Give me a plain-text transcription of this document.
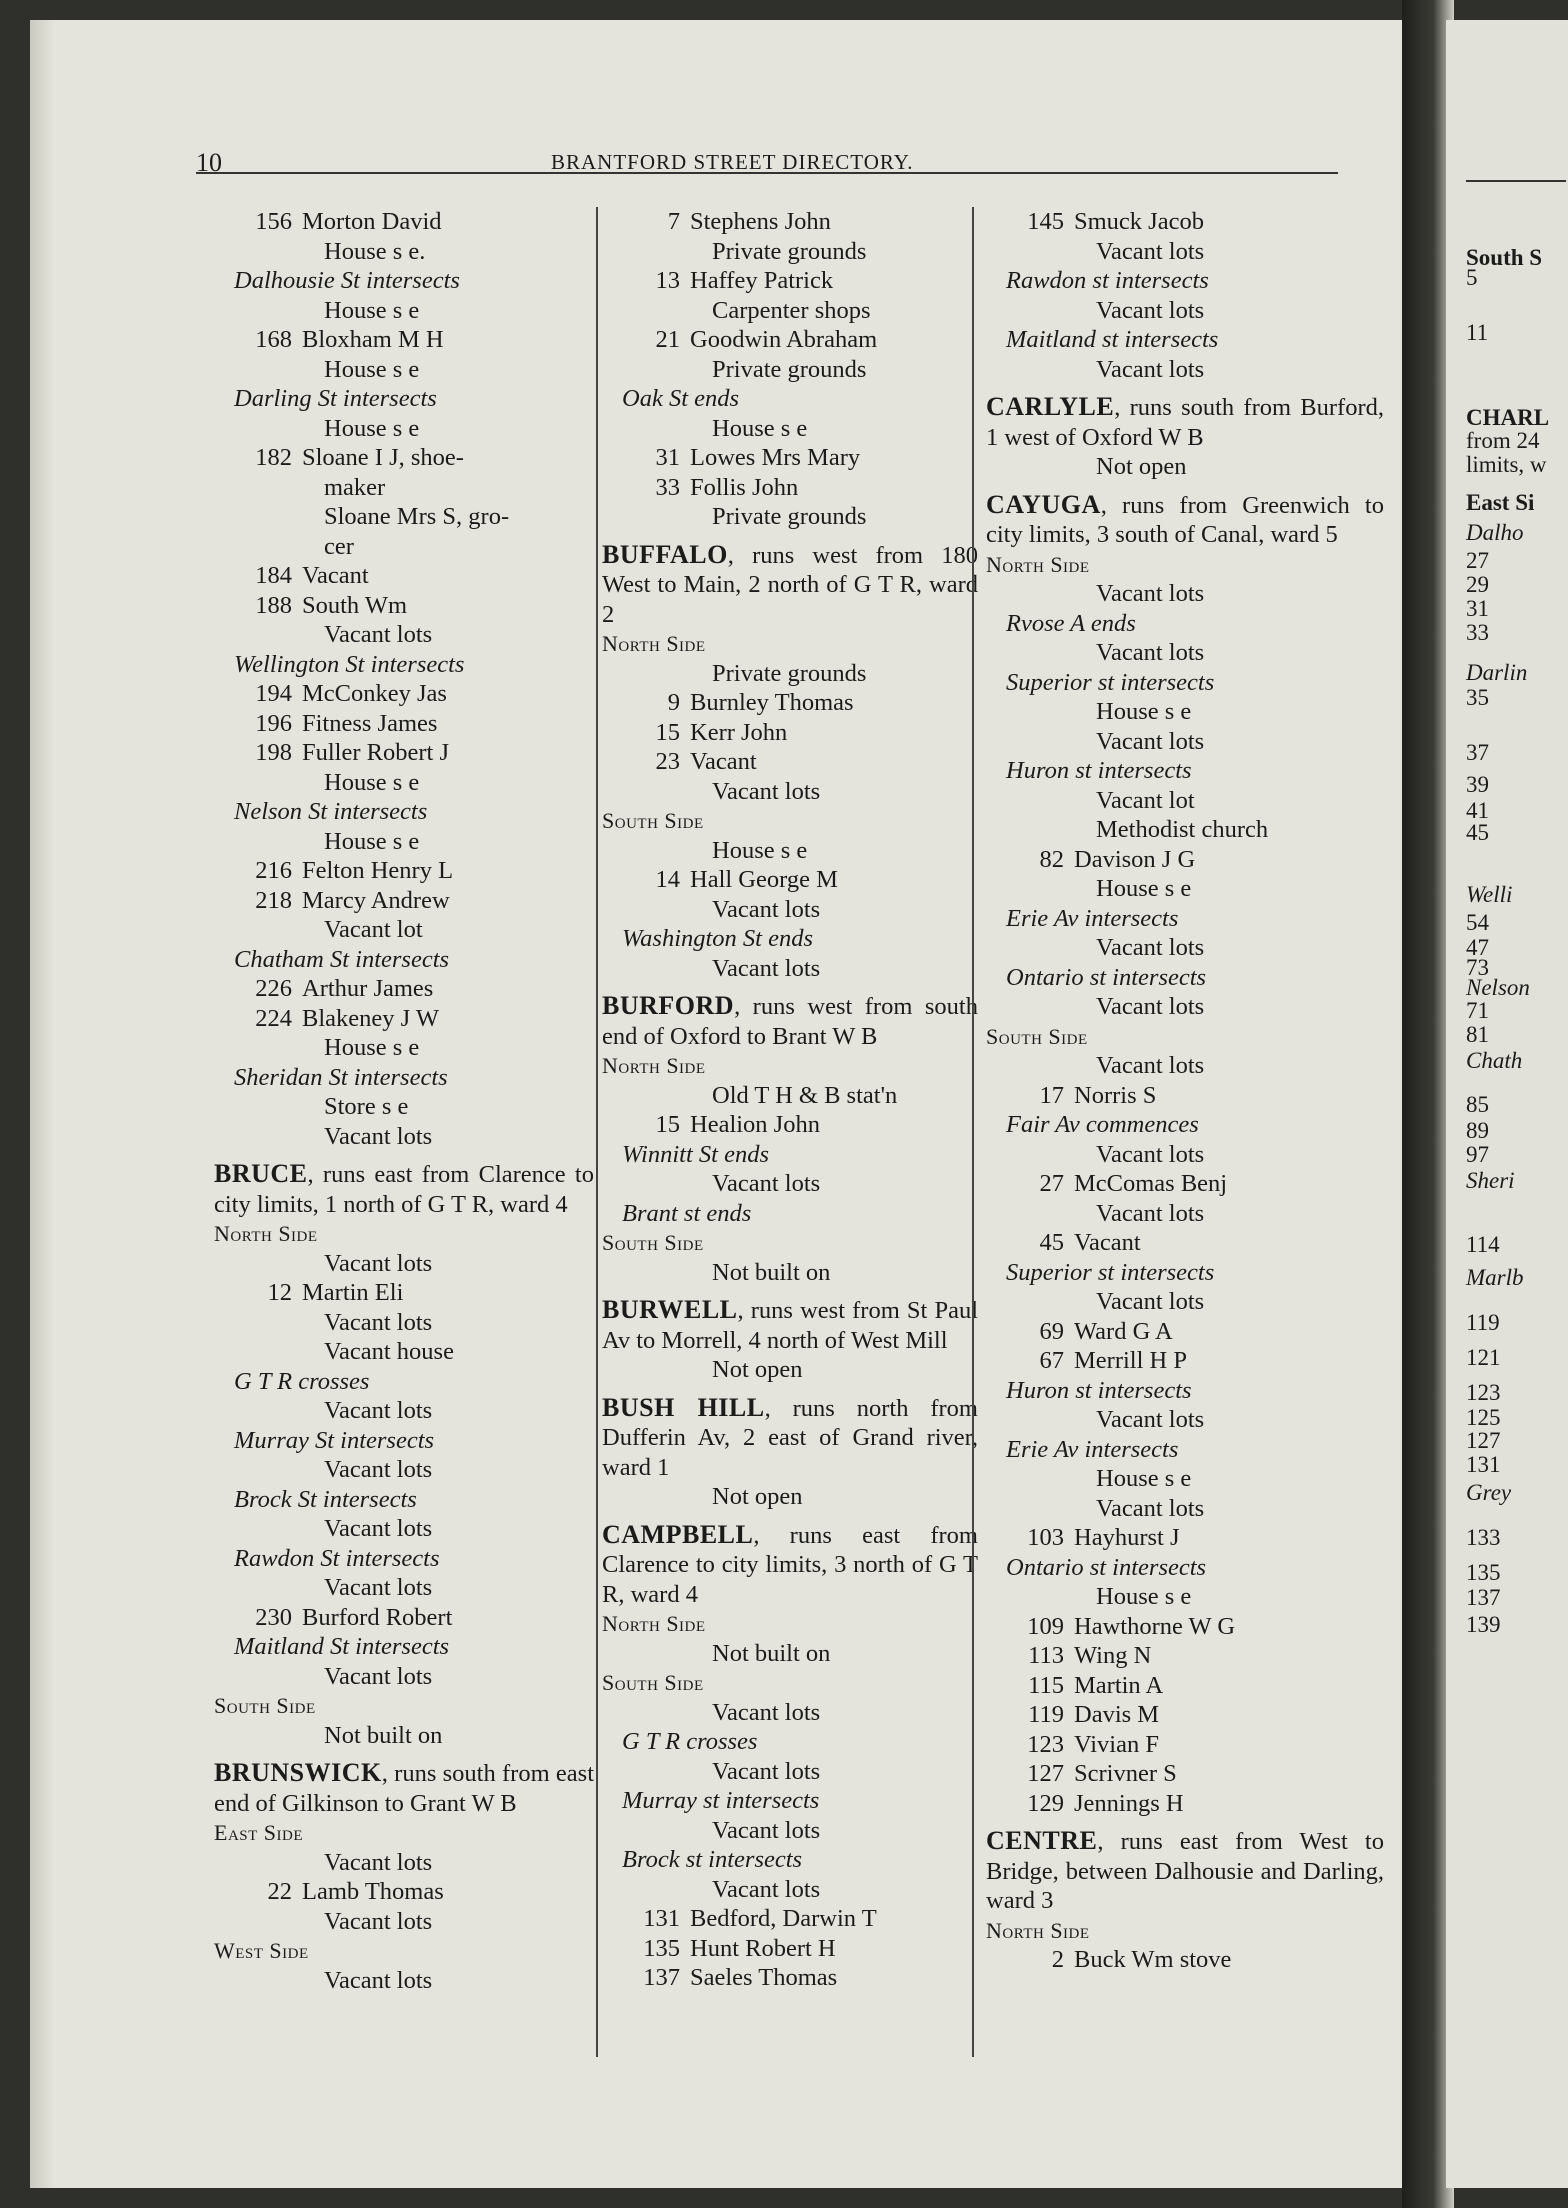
10	BRANTFORD STREET DIRECTORY.
156 Morton David
House s e.
Dalhousie St intersects
House s e
168 Bloxham M H
House s e
Darling St intersects
House s e
182 Sloane I J, shoe-
maker
Sloane Mrs S, gro-
cer
184 Vacant
188 South Wm
Vacant lots
Wellington St intersects
194 McConkey Jas
196 Fitness James
198 Fuller Robert J
House s e
Nelson St intersects
House s e
216 Felton Henry L
218 Marcy Andrew
Vacant lot
Chatham St intersects
226 Arthur James
224 Blakeney J W
House s e
Sheridan St intersects
Store s e
Vacant lots
BRUCE, runs east from Clarence to city limits, 1 north of G T R, ward 4
North Side
Vacant lots
12 Martin Eli
Vacant lots
Vacant house
G T R crosses
Vacant lots
Murray St intersects
Vacant lots
Brock St intersects
Vacant lots
Rawdon St intersects
Vacant lots
230 Burford Robert
Maitland St intersects
Vacant lots
South Side
Not built on
BRUNSWICK, runs south from east end of Gilkinson to Grant W B
East Side
Vacant lots
22 Lamb Thomas
Vacant lots
West Side
Vacant lots
7 Stephens John
Private grounds
13 Haffey Patrick
Carpenter shops
21 Goodwin Abraham
Private grounds
Oak St ends
House s e
31 Lowes Mrs Mary
33 Follis John
Private grounds
BUFFALO, runs west from 180 West to Main, 2 north of G T R, ward 2
North Side
Private grounds
9 Burnley Thomas
15 Kerr John
23 Vacant
Vacant lots
South Side
House s e
14 Hall George M
Vacant lots
Washington St ends
Vacant lots
BURFORD, runs west from south end of Oxford to Brant W B
North Side
Old T H & B stat'n
15 Healion John
Winnitt St ends
Vacant lots
Brant st ends
South Side
Not built on
BURWELL, runs west from St Paul Av to Morrell, 4 north of West Mill
Not open
BUSH HILL, runs north from Dufferin Av, 2 east of Grand river, ward 1
Not open
CAMPBELL, runs east from Clarence to city limits, 3 north of G T R, ward 4
North Side
Not built on
South Side
Vacant lots
G T R crosses
Vacant lots
Murray st intersects
Vacant lots
Brock st intersects
Vacant lots
131 Bedford, Darwin T
135 Hunt Robert H
137 Saeles Thomas
145 Smuck Jacob
Vacant lots
Rawdon st intersects
Vacant lots
Maitland st intersects
Vacant lots
CARLYLE, runs south from Burford, 1 west of Oxford W B
Not open
CAYUGA, runs from Greenwich to city limits, 3 south of Canal, ward 5
North Side
Vacant lots
Rvose A ends
Vacant lots
Superior st intersects
House s e
Vacant lots
Huron st intersects
Vacant lot
Methodist church
82 Davison J G
House s e
Erie Av intersects
Vacant lots
Ontario st intersects
Vacant lots
South Side
Vacant lots
17 Norris S
Fair Av commences
Vacant lots
27 McComas Benj
Vacant lots
45 Vacant
Superior st intersects
Vacant lots
69 Ward G A
67 Merrill H P
Huron st intersects
Vacant lots
Erie Av intersects
House s e
Vacant lots
103 Hayhurst J
Ontario st intersects
House s e
109 Hawthorne W G
113 Wing N
115 Martin A
119 Davis M
123 Vivian F
127 Scrivner S
129 Jennings H
CENTRE, runs east from West to Bridge, between Dalhousie and Darling, ward 3
North Side
2 Buck Wm stove
South S
5
11
CHARL
from 24
limits, w
East Si
Dalho
27
29
31
33
Darlin
35
37
39
41
45
Welli
54
47
73
Nelson
71
81
Chath
85
89
97
Sheri
114
Marlb
119
121
123
125
127
131
Grey
133
135
137
139
